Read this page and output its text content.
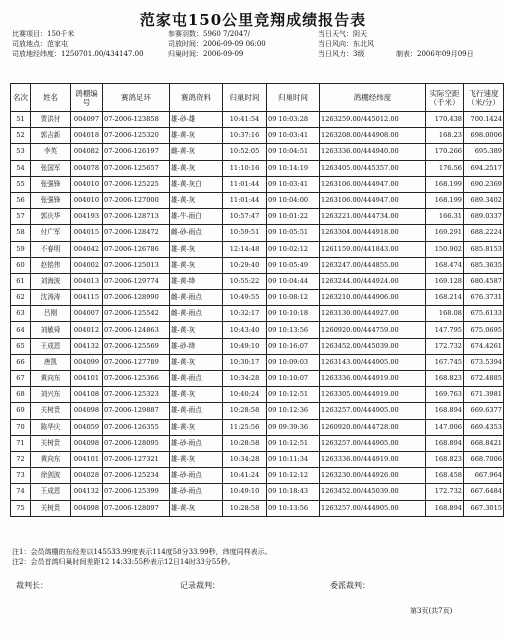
范家屯150公里竞翔成绩报告表
比赛项目：150千米
司放地点：范家屯
司放地经纬度：1250701.00/434147.00
参赛羽数：5960 7/2047/
司放时间：2006-09-09 06:00
归巢时间：2006-09-09
当日天气：阴天
当日风向：东北风
当日风力：3级	制表：2006年09月09日
名次	姓名	鸽棚编号	赛鸽足环	赛鸽资料	归巢时间	归巢时间	鸽棚经纬度	实际空距（千米）	飞行速度（米/分）
51	贾洪付	004097	07-2006-123858	雄-砂-雄	10:41:54	09 10:03:28	1263259.00/445012.00	170.438	700.1424
52	郭吉新	004018	07-2006-125320	雄-黄-灰	10:37:16	09 10:03:41	1263208.00/444908.00	168.23	698.0006
53	李英	004082	07-2006-126197	雌-黄-灰	10:52:05	09 10:04:51	1263336.00/444940.00	170.266	695.389
54	张国军	004078	07-2006-125657	雄-黄-灰	11:10:16	09 10:14:19	1263405.00/445357.00	176.56	694.2517
55	张强锋	004010	07-2006-125225	雄-黄-灰白	11:01:44	09 10:03:41	1263106.00/444947.00	168.199	690.2369
56	张强锋	004010	07-2006-127000	雄-黄-灰	11:01:44	09 10:04:00	1263106.00/444947.00	168.199	689.3402
57	郭庆华	004193	07-2006-128713	雄-牛-雨白	10:57:47	09 10:01:22	1263221.00/444734.00	166.31	689.0337
58	付广军	004015	07-2006-128472	雌-砂-雨点	10:59:51	09 10:05:51	1263304.00/444918.00	169.291	688.2224
59	不春明	004042	07-2006-126786	雄-黄-灰	12:14:48	09 10:02:12	1261159.00/441843.00	150.902	685.8153
60	赵铭伟	004002	07-2006-125013	雄-黄-灰	10:29:40	09 10:05:49	1263247.00/444855.00	168.474	685.3635
61	刘海波	004013	07-2006-129774	雄-黄-绛	10:55:22	09 10:04:44	1263244.00/444924.00	169.128	680.4587
62	沈涛涛	004115	07-2006-128990	雌-黄-雨点	10:49:55	09 10:08:12	1263210.00/444906.00	168.214	676.3731
63	吕刚	004007	07-2006-125542	雌-黄-雨点	10:32:17	09 10:10:18	1263130.00/444927.00	168.08	675.6133
64	刘敏舜	004012	07-2006-124863	雄-黄-灰	10:43:40	09 10:13:56	1260920.00/444759.00	147.795	675.0695
65	王成恩	004132	07-2006-125569	雄-砂-绛	10:49:10	09 10:16:07	1263452.00/445039.00	172.732	674.4261
66	唐凯	004099	07-2006-127789	雄-黄-灰	10:30:17	09 10:09:03	1263143.00/444905.00	167.745	673.5394
67	黄向东	004101	07-2006-125366	雄-黄-雨点	10:34:28	09 10:10:07	1263336.00/444919.00	168.823	672.4885
68	刘兴东	004108	07-2006-125323	雄-黄-灰	10:40:24	09 10:12:51	1263305.00/444919.00	169.763	671.3981
69	关树贵	004098	07-2006-129887	雄-黄-雨点	10:28:58	09 10:12:36	1263257.00/444905.00	168.894	669.6377
70	陈华庆	004059	07-2006-126355	雄-黄-灰	11:25:56	09 09:39:36	1260920.00/444728.00	147.006	669.4353
71	关树贵	004098	07-2006-128095	雄-砂-雨点	10:28:58	09 10:12:51	1263257.00/444905.00	168.894	668.8421
72	黄向东	004101	07-2006-127321	雄-黄-灰	10:34:28	09 10:11:34	1263336.00/444919.00	168.823	668.7006
73	徐剑波	004028	07-2006-125234	雄-砂-雨点	10:41:24	09 10:12:12	1263230.00/444926.00	168.458	667.964
74	王成恩	004132	07-2006-125399	雄-砂-雨点	10:49:10	09 10:18:43	1263452.00/445039.00	172.732	667.6484
75	关树贵	004098	07-2006-128097	雄-黄-灰	10:28:58	09 10:13:56	1263257.00/444905.00	168.894	667.3015
注1：会员鸽棚的东经差以145533.99度表示114度58分33.99秒，纬度同样表示。
注2：会员首鸽归巢时间差距12 14:33:55秒表示12日14时33分55秒。
裁判长：	记录裁判：	委派裁判：
第3页(共7页)
